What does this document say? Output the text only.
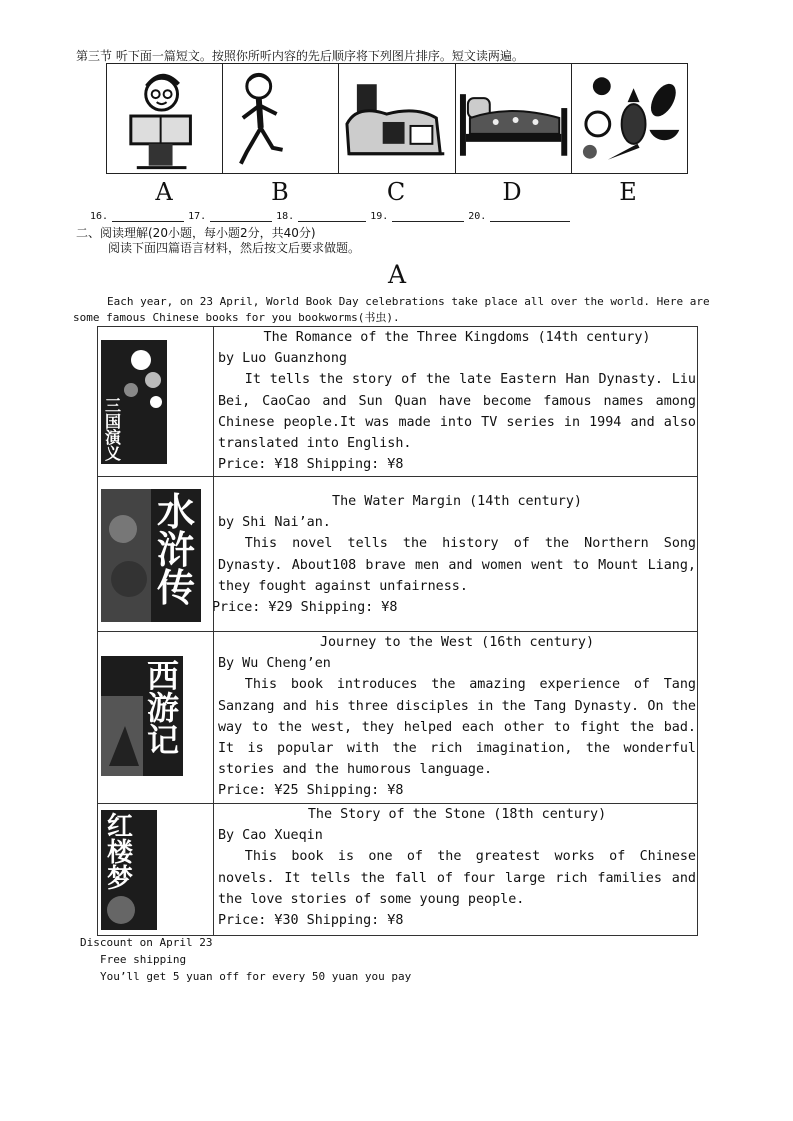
第三节 听下面一篇短文。按照你所听内容的先后顺序将下列图片排序。短文读两遍。
A	B	C	D	E
16.	17.	18.	19.	20.
二、阅读理解(20小题，每小题2分，共40分)
阅读下面四篇语言材料，然后按文后要求做题。
A
Each year, on 23 April, World Book Day celebrations take place all over the world. Here are some famous Chinese books for you bookworms(书虫).
三国演义
The Romance of the Three Kingdoms (14th century)
by Luo Guanzhong

It tells the story of the late Eastern Han Dynasty. Liu Bei, CaoCao and Sun Quan have become famous names among Chinese people.It was made into TV series in 1994 and also translated into English.

Price: ¥18 Shipping: ¥8
水浒传
The Water Margin (14th century)
by Shi Nai’an.

This novel tells the history of the Northern Song Dynasty. About108 brave men and women went to Mount Liang, they fought against unfairness.

Price: ¥29 Shipping: ¥8
西游记
Journey to the West (16th century)
By Wu Cheng’en

This book introduces the amazing experience of Tang Sanzang and his three disciples in the Tang Dynasty. On the way to the west, they helped each other to fight the bad. It is popular with the rich imagination, the wonderful stories and the humorous language.

Price: ¥25 Shipping: ¥8
红楼梦
The Story of the Stone (18th century)
By Cao Xueqin

This book is one of the greatest works of Chinese novels. It tells the fall of four large rich families and the love stories of some young people.

Price: ¥30 Shipping: ¥8
Discount on April 23
Free shipping
You’ll get 5 yuan off for every 50 yuan you pay
